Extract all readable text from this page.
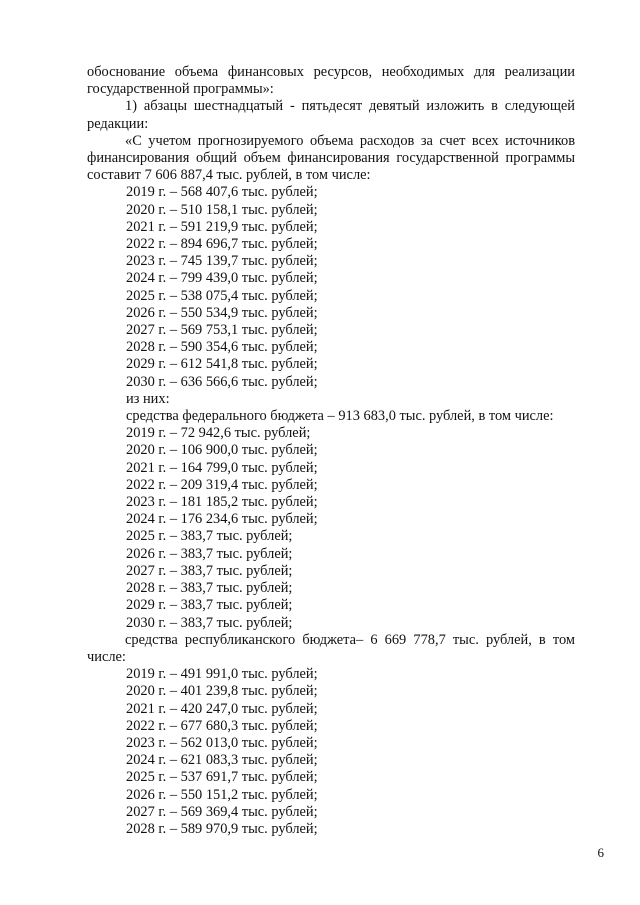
обоснование объема финансовых ресурсов, необходимых для реализации государственной программы»:

1) абзацы шестнадцатый - пятьдесят девятый изложить в следующей редакции:

«С учетом прогнозируемого объема расходов за счет всех источников финансирования общий объем финансирования государственной программы составит 7 606 887,4 тыс. рублей, в том числе:

2019 г. – 568 407,6 тыс. рублей;
2020 г. – 510 158,1 тыс. рублей;
2021 г. – 591 219,9 тыс. рублей;
2022 г. – 894 696,7 тыс. рублей;
2023 г. – 745 139,7 тыс. рублей;
2024 г. – 799 439,0 тыс. рублей;
2025 г. – 538 075,4 тыс. рублей;
2026 г. – 550 534,9 тыс. рублей;
2027 г. – 569 753,1 тыс. рублей;
2028 г. – 590 354,6 тыс. рублей;
2029 г. – 612 541,8 тыс. рублей;
2030 г. – 636 566,6 тыс. рублей;
из них:

средства федерального бюджета – 913 683,0 тыс. рублей, в том числе:

2019 г. – 72 942,6 тыс. рублей;
2020 г. – 106 900,0 тыс. рублей;
2021 г. – 164 799,0 тыс. рублей;
2022 г. – 209 319,4 тыс. рублей;
2023 г. – 181 185,2 тыс. рублей;
2024 г. – 176 234,6 тыс. рублей;
2025 г. – 383,7 тыс. рублей;
2026 г. – 383,7 тыс. рублей;
2027 г. – 383,7 тыс. рублей;
2028 г. – 383,7 тыс. рублей;
2029 г. – 383,7 тыс. рублей;
2030 г. – 383,7 тыс. рублей;

средства республиканского бюджета– 6 669 778,7 тыс. рублей, в том числе:

2019 г. – 491 991,0 тыс. рублей;
2020 г. – 401 239,8 тыс. рублей;
2021 г. – 420 247,0 тыс. рублей;
2022 г. – 677 680,3 тыс. рублей;
2023 г. – 562 013,0 тыс. рублей;
2024 г. – 621 083,3 тыс. рублей;
2025 г. – 537 691,7 тыс. рублей;
2026 г. – 550 151,2 тыс. рублей;
2027 г. – 569 369,4 тыс. рублей;
2028 г. – 589 970,9 тыс. рублей;
6
